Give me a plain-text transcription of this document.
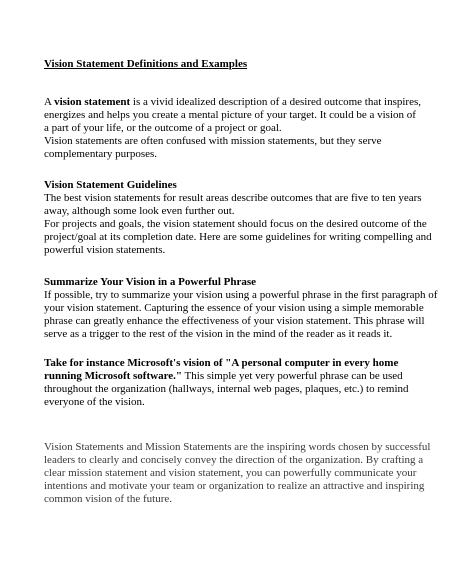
Vision Statement Definitions and Examples
A vision statement is a vivid idealized description of a desired outcome that inspires,
energizes and helps you create a mental picture of your target. It could be a vision of
a part of your life, or the outcome of a project or goal.
Vision statements are often confused with mission statements, but they serve
complementary purposes.
Vision Statement Guidelines
The best vision statements for result areas describe outcomes that are five to ten years
away, although some look even further out.
For projects and goals, the vision statement should focus on the desired outcome of the
project/goal at its completion date. Here are some guidelines for writing compelling and
powerful vision statements.
Summarize Your Vision in a Powerful Phrase
If possible, try to summarize your vision using a powerful phrase in the first paragraph of
your vision statement. Capturing the essence of your vision using a simple memorable
phrase can greatly enhance the effectiveness of your vision statement. This phrase will
serve as a trigger to the rest of the vision in the mind of the reader as it reads it.
Take for instance Microsoft's vision of "A personal computer in every home
running Microsoft software." This simple yet very powerful phrase can be used
throughout the organization (hallways, internal web pages, plaques, etc.) to remind
everyone of the vision.
Vision Statements and Mission Statements are the inspiring words chosen by successful
leaders to clearly and concisely convey the direction of the organization. By crafting a
clear mission statement and vision statement, you can powerfully communicate your
intentions and motivate your team or organization to realize an attractive and inspiring
common vision of the future.
